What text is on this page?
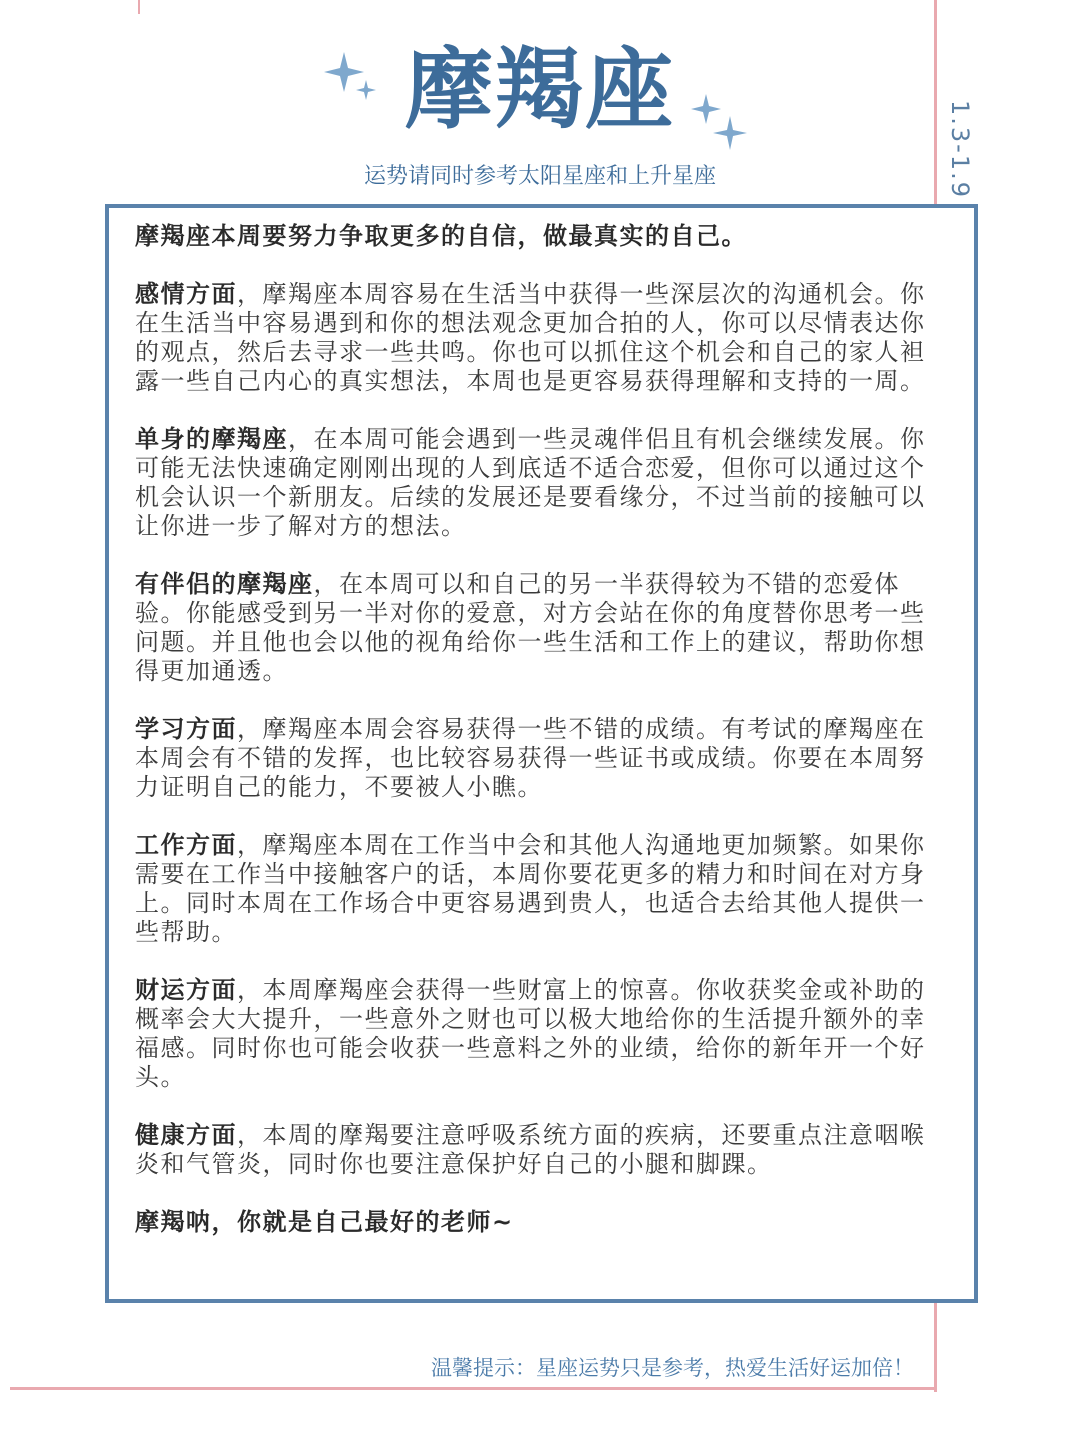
摩羯座
运势请同时参考太阳星座和上升星座	1.3-1.9

摩羯座本周要努力争取更多的自信，做最真实的自己。

感情方面，摩羯座本周容易在生活当中获得一些深层次的沟通机会。你在生活当中容易遇到和你的想法观念更加合拍的人，你可以尽情表达你的观点，然后去寻求一些共鸣。你也可以抓住这个机会和自己的家人袒露一些自己内心的真实想法，本周也是更容易获得理解和支持的一周。

单身的摩羯座，在本周可能会遇到一些灵魂伴侣且有机会继续发展。你可能无法快速确定刚刚出现的人到底适不适合恋爱，但你可以通过这个机会认识一个新朋友。后续的发展还是要看缘分，不过当前的接触可以让你进一步了解对方的想法。

有伴侣的摩羯座，在本周可以和自己的另一半获得较为不错的恋爱体验。你能感受到另一半对你的爱意，对方会站在你的角度替你思考一些问题。并且他也会以他的视角给你一些生活和工作上的建议，帮助你想得更加通透。

学习方面，摩羯座本周会容易获得一些不错的成绩。有考试的摩羯座在本周会有不错的发挥，也比较容易获得一些证书或成绩。你要在本周努力证明自己的能力，不要被人小瞧。

工作方面，摩羯座本周在工作当中会和其他人沟通地更加频繁。如果你需要在工作当中接触客户的话，本周你要花更多的精力和时间在对方身上。同时本周在工作场合中更容易遇到贵人，也适合去给其他人提供一些帮助。

财运方面，本周摩羯座会获得一些财富上的惊喜。你收获奖金或补助的概率会大大提升，一些意外之财也可以极大地给你的生活提升额外的幸福感。同时你也可能会收获一些意料之外的业绩，给你的新年开一个好头。

健康方面，本周的摩羯要注意呼吸系统方面的疾病，还要重点注意咽喉炎和气管炎，同时你也要注意保护好自己的小腿和脚踝。

摩羯呐，你就是自己最好的老师~

温馨提示：星座运势只是参考，热爱生活好运加倍！
